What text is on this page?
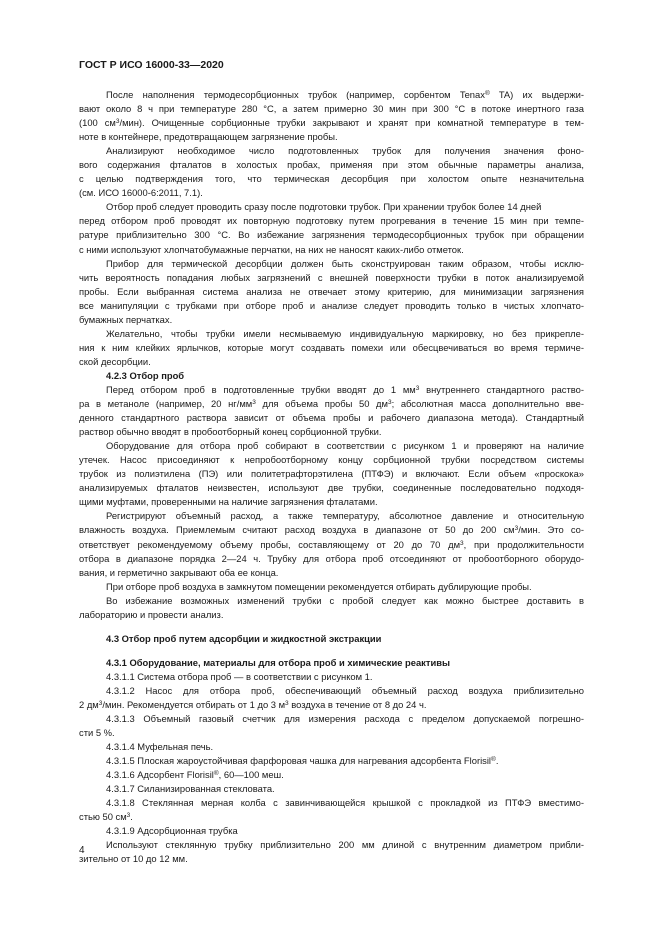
ГОСТ Р ИСО 16000-33—2020
После наполнения термодесорбционных трубок (например, сорбентом Tenax® TA) их выдержи-
вают около 8 ч при температуре 280 °C, а затем примерно 30 мин при 300 °C в потоке инертного газа
(100 $см^3/мин$). Очищенные сорбционные трубки закрывают и хранят при комнатной температуре в тем-
ноте в контейнере, предотвращающем загрязнение пробы.
Анализируют необходимое число подготовленных трубок для получения значения фоно-
вого содержания фталатов в холостых пробах, применяя при этом обычные параметры анализа,
с целью подтверждения того, что термическая десорбция при холостом опыте незначительна
(см. ИСО 16000-6:2011, 7.1).
Отбор проб следует проводить сразу после подготовки трубок. При хранении трубок более 14 дней
перед отбором проб проводят их повторную подготовку путем прогревания в течение 15 мин при темпе-
ратуре приблизительно 300 °C. Во избежание загрязнения термодесорбционных трубок при обращении
с ними используют хлопчатобумажные перчатки, на них не наносят каких-либо отметок.
Прибор для термической десорбции должен быть сконструирован таким образом, чтобы исклю-
чить вероятность попадания любых загрязнений с внешней поверхности трубки в поток анализируемой
пробы. Если выбранная система анализа не отвечает этому критерию, для минимизации загрязнения
все манипуляции с трубками при отборе проб и анализе следует проводить только в чистых хлопчато-
бумажных перчатках.
Желательно, чтобы трубки имели несмываемую индивидуальную маркировку, но без прикрепле-
ния к ним клейких ярлычков, которые могут создавать помехи или обесцвечиваться во время термиче-
ской десорбции.
4.2.3 Отбор проб
Перед отбором проб в подготовленные трубки вводят до 1 $мм^3$ внутреннего стандартного раство-
ра в метаноле (например, 20 $нг/мм^3$ для объема пробы 50 $дм^3$; абсолютная масса дополнительно вве-
денного стандартного раствора зависит от объема пробы и рабочего диапазона метода). Стандартный
раствор обычно вводят в пробоотборный конец сорбционной трубки.
Оборудование для отбора проб собирают в соответствии с рисунком 1 и проверяют на наличие
утечек. Насос присоединяют к непробоотборному концу сорбционной трубки посредством системы
трубок из полиэтилена (ПЭ) или политетрафторэтилена (ПТФЭ) и включают. Если объем «проскока»
анализируемых фталатов неизвестен, используют две трубки, соединенные последовательно подходя-
щими муфтами, проверенными на наличие загрязнения фталатами.
Регистрируют объемный расход, а также температуру, абсолютное давление и относительную
влажность воздуха. Приемлемым считают расход воздуха в диапазоне от 50 до 200 $см^3$/мин. Это со-
ответствует рекомендуемому объему пробы, составляющему от 20 до 70 $дм^3$, при продолжительности
отбора в диапазоне порядка 2—24 ч. Трубку для отбора проб отсоединяют от пробоотборного оборудо-
вания, и герметично закрывают оба ее конца.
При отборе проб воздуха в замкнутом помещении рекомендуется отбирать дублирующие пробы.
Во избежание возможных изменений трубки с пробой следует как можно быстрее доставить в
лабораторию и провести анализ.
4.3 Отбор проб путем адсорбции и жидкостной экстракции
4.3.1 Оборудование, материалы для отбора проб и химические реактивы
4.3.1.1 Система отбора проб — в соответствии с рисунком 1.
4.3.1.2 Насос для отбора проб, обеспечивающий объемный расход воздуха приблизительно
2 $дм^3$/мин. Рекомендуется отбирать от 1 до 3 $м^3$ воздуха в течение от 8 до 24 ч.
4.3.1.3 Объемный газовый счетчик для измерения расхода с пределом допускаемой погрешно-
сти 5 %.
4.3.1.4 Муфельная печь.
4.3.1.5 Плоская жароустойчивая фарфоровая чашка для нагревания адсорбента Florisil®.
4.3.1.6 Адсорбент Florisil®, 60—100 меш.
4.3.1.7 Силанизированная стекловата.
4.3.1.8 Стеклянная мерная колба с завинчивающейся крышкой с прокладкой из ПТФЭ вместимо-
стью 50 $см^3$.
4.3.1.9 Адсорбционная трубка
Используют стеклянную трубку приблизительно 200 мм длиной с внутренним диаметром прибли-
зительно от 10 до 12 мм.
4
